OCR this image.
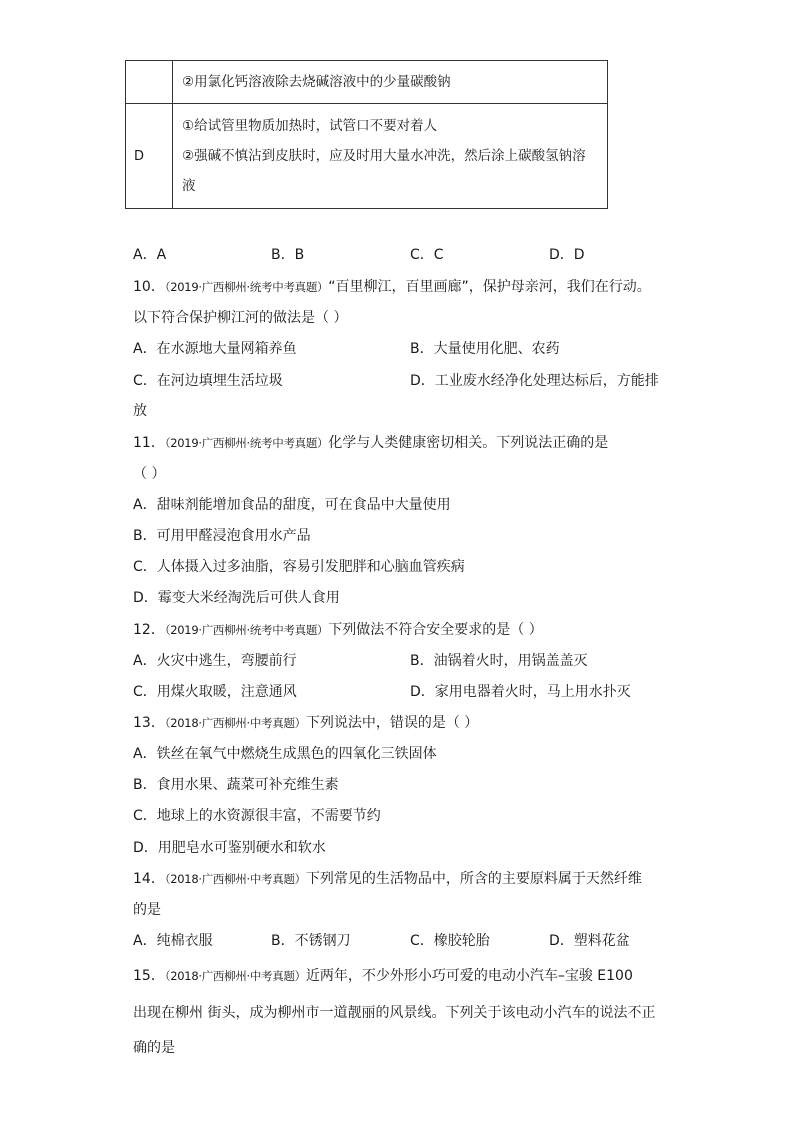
	②用氯化钙溶液除去烧碱溶液中的少量碳酸钠

D	①给试管里物质加热时，试管口不要对着人
②强碱不慎沾到皮肤时，应及时用大量水冲洗，然后涂上碳酸氢钠溶
液
A．A	B．B	C．C	D．D
10．（2019·广西柳州·统考中考真题）“百里柳江，百里画廊”，保护母亲河，我们在行动。
以下符合保护柳江河的做法是（ ）
A．在水源地大量网箱养鱼	B．大量使用化肥、农药
C．在河边填埋生活垃圾	D．工业废水经净化处理达标后，方能排
放
11．（2019·广西柳州·统考中考真题）化学与人类健康密切相关。下列说法正确的是
（ ）
A．甜味剂能增加食品的甜度，可在食品中大量使用
B．可用甲醛浸泡食用水产品
C．人体摄入过多油脂，容易引发肥胖和心脑血管疾病
D．霉变大米经淘洗后可供人食用
12．（2019·广西柳州·统考中考真题）下列做法不符合安全要求的是（ ）
A．火灾中逃生，弯腰前行	B．油锅着火时，用锅盖盖灭
C．用煤火取暖，注意通风	D．家用电器着火时，马上用水扑灭
13．（2018·广西柳州·中考真题）下列说法中，错误的是（ ）
A．铁丝在氧气中燃烧生成黑色的四氧化三铁固体
B．食用水果、蔬菜可补充维生素
C．地球上的水资源很丰富，不需要节约
D．用肥皂水可鉴别硬水和软水
14．（2018·广西柳州·中考真题）下列常见的生活物品中，所含的主要原料属于天然纤维
的是
A．纯棉衣服	B．不锈钢刀	C．橡胶轮胎	D．塑料花盆
15．（2018·广西柳州·中考真题）近两年，不少外形小巧可爱的电动小汽车–宝骏 E100
出现在柳州 街头，成为柳州市一道靓丽的风景线。下列关于该电动小汽车的说法不正
确的是
